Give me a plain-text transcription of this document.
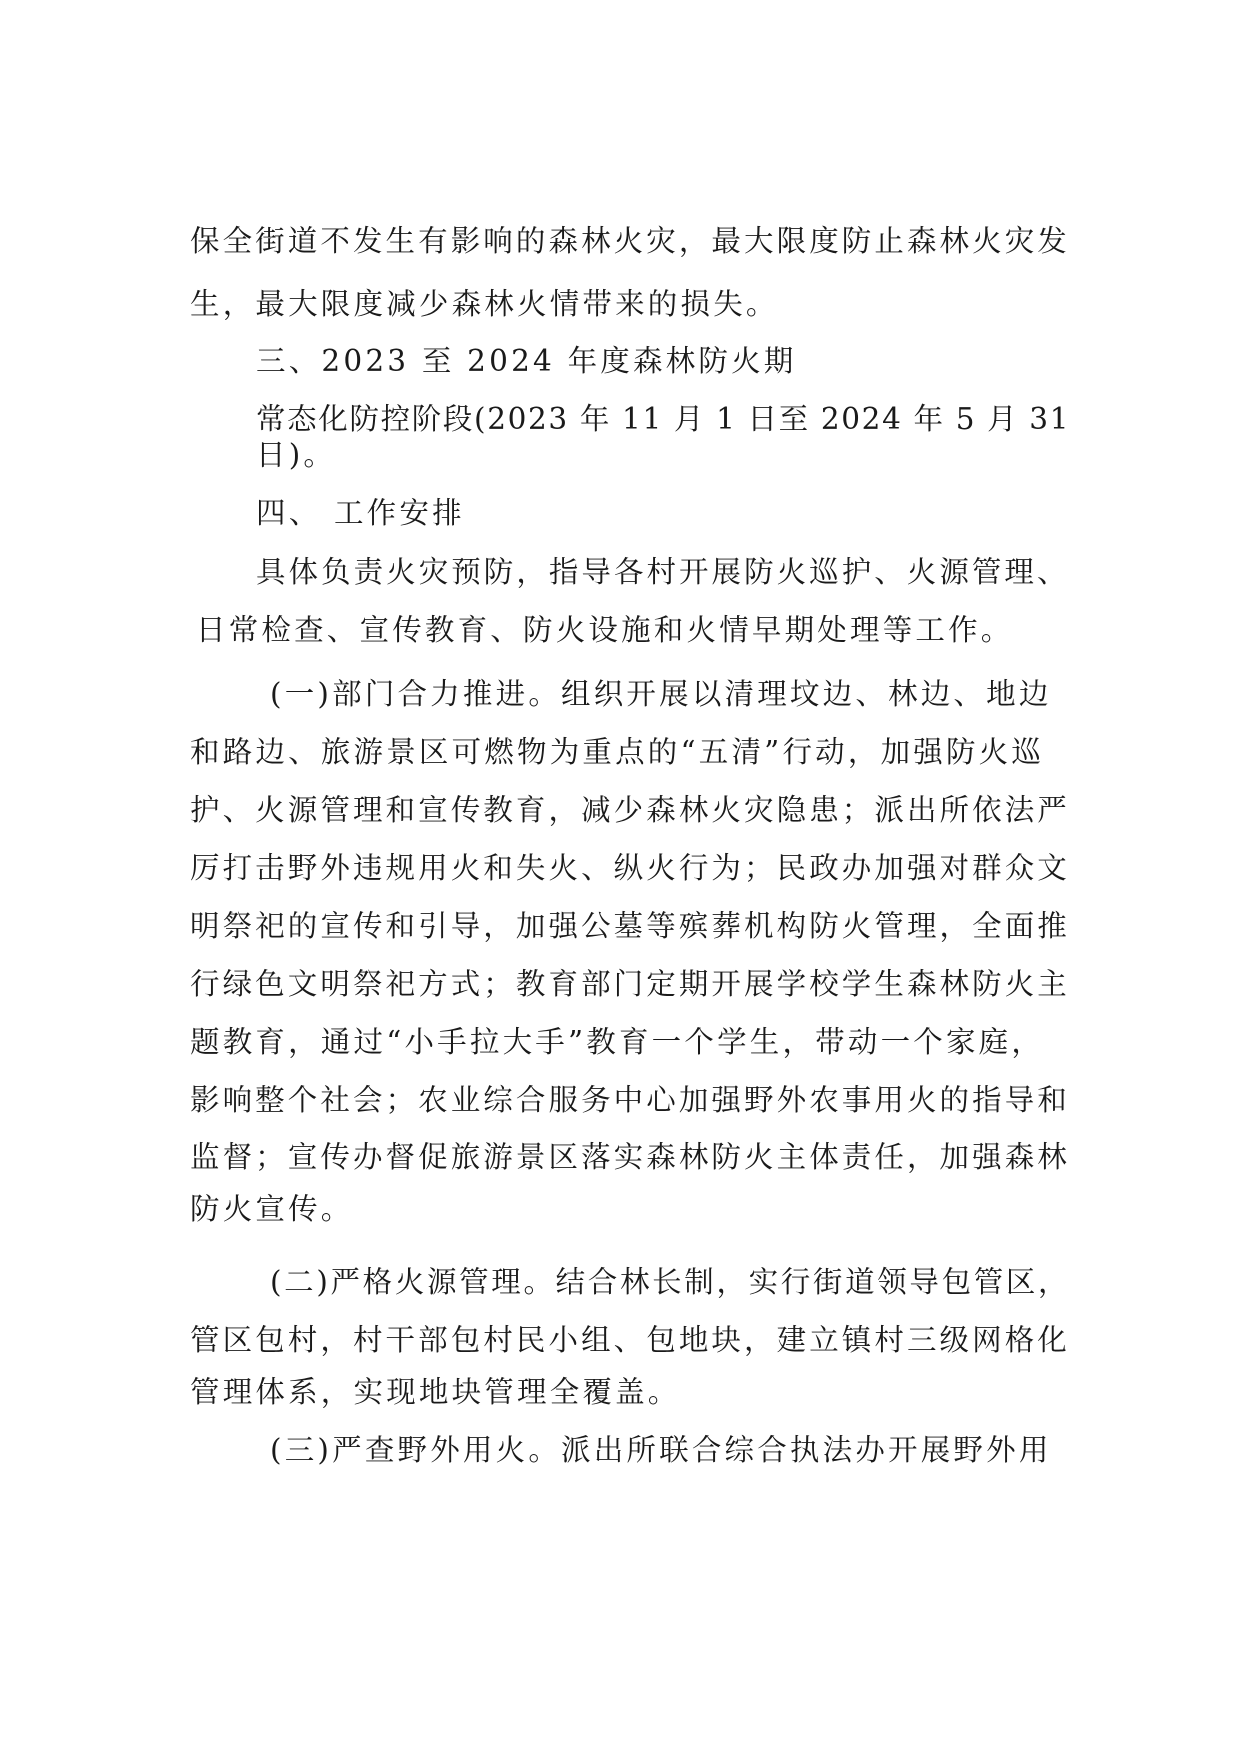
保全街道不发生有影响的森林火灾，最大限度防止森林火灾发
生，最大限度减少森林火情带来的损失。
三、2023 至 2024 年度森林防火期
常态化防控阶段(2023 年 11 月 1 日至 2024 年 5 月 31
日)。
四、 工作安排
具体负责火灾预防，指导各村开展防火巡护、火源管理、
日常检查、宣传教育、防火设施和火情早期处理等工作。
(一)部门合力推进。组织开展以清理坟边、林边、地边
和路边、旅游景区可燃物为重点的“五清”行动，加强防火巡
护、火源管理和宣传教育，减少森林火灾隐患；派出所依法严
厉打击野外违规用火和失火、纵火行为；民政办加强对群众文
明祭祀的宣传和引导，加强公墓等殡葬机构防火管理，全面推
行绿色文明祭祀方式；教育部门定期开展学校学生森林防火主
题教育，通过“小手拉大手”教育一个学生，带动一个家庭，
影响整个社会；农业综合服务中心加强野外农事用火的指导和
监督；宣传办督促旅游景区落实森林防火主体责任，加强森林
防火宣传。
(二)严格火源管理。结合林长制，实行街道领导包管区，
管区包村，村干部包村民小组、包地块，建立镇村三级网格化
管理体系，实现地块管理全覆盖。
(三)严查野外用火。派出所联合综合执法办开展野外用
